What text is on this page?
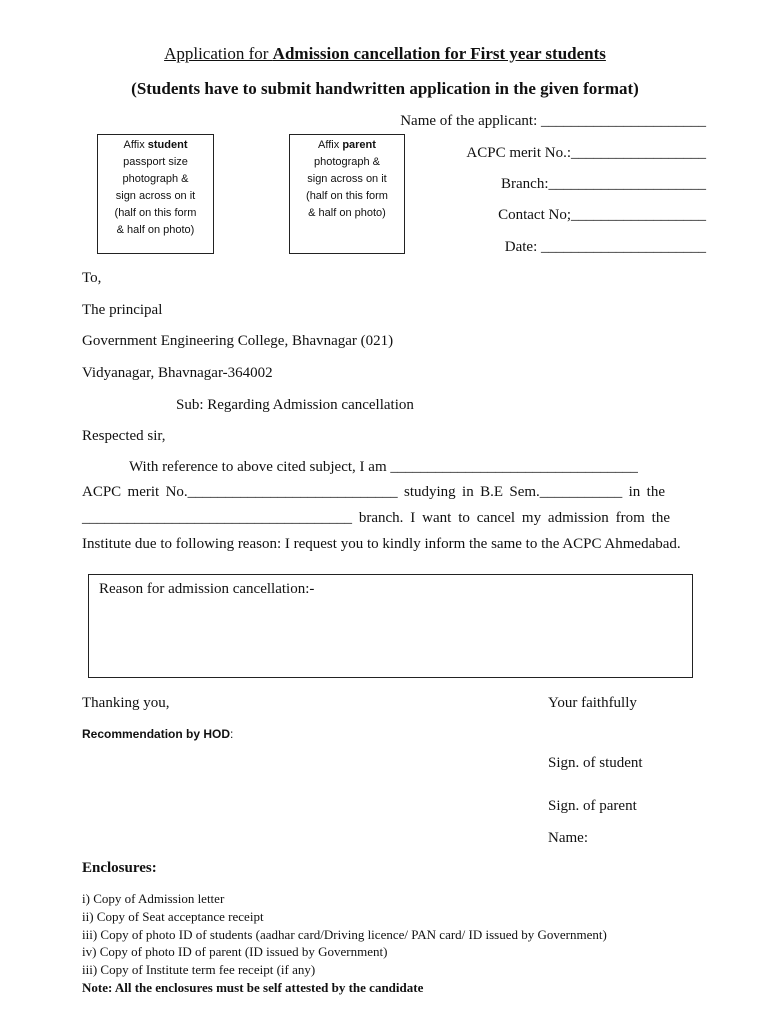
Application for Admission cancellation for First year students
(Students have to submit handwritten application in the given format)
Affix student
passport size
photograph &
sign across on it
(half on this form
& half on photo)
Affix parent
photograph &
sign across on it
(half on this form
& half on photo)
Name of the applicant: ______________________
ACPC merit No.:__________________
Branch:_____________________
Contact No;__________________
Date: ______________________
To,
The principal
Government Engineering College, Bhavnagar (021)
Vidyanagar, Bhavnagar-364002
Sub: Regarding Admission cancellation
Respected sir,
With reference to above cited subject, I am _________________________________
ACPC merit No.____________________________ studying in B.E Sem.___________ in the
____________________________________ branch. I want to cancel my admission from the
Institute due to following reason: I request you to kindly inform the same to the ACPC Ahmedabad.
Reason for admission cancellation:-
Thanking you,	Your faithfully
Recommendation by HOD:
Sign. of student
Sign. of parent
Name:
Enclosures:
i) Copy of Admission letter
ii) Copy of Seat acceptance receipt
iii) Copy of photo ID of students (aadhar card/Driving licence/ PAN card/ ID issued by Government)
iv) Copy of photo ID of parent (ID issued by Government)
iii) Copy of Institute term fee receipt (if any)
Note: All the enclosures must be self attested by the candidate
